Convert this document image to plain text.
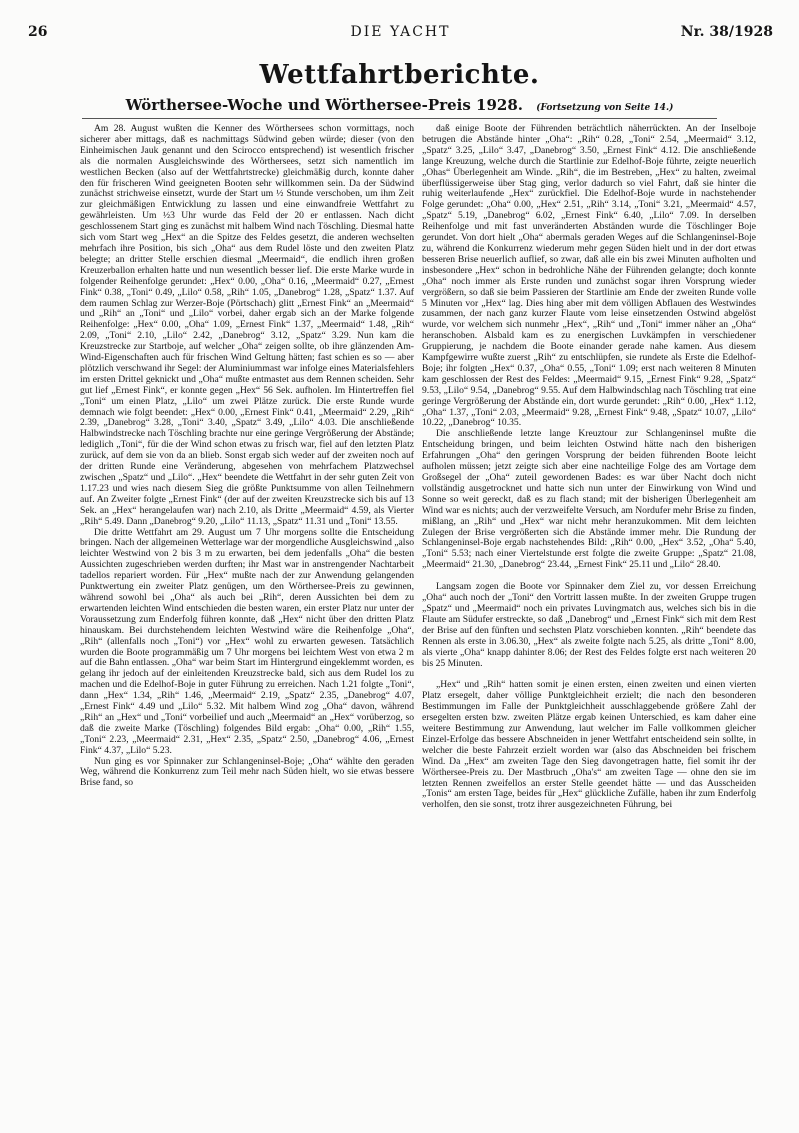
26	DIE YACHT	Nr. 38/1928
Wettfahrtberichte.
Wörthersee-Woche und Wörthersee-Preis 1928. (Fortsetzung von Seite 14.)

Am 28. August wußten die Kenner des Wörthersees schon vormittags, noch sicherer aber mittags, daß es nachmittags Südwind geben würde; dieser (von den Einheimischen Jauk genannt und den Scirocco entsprechend) ist wesentlich frischer als die normalen Ausgleichswinde des Wörthersees, setzt sich namentlich im westlichen Becken (also auf der Wettfahrtstrecke) gleichmäßig durch, konnte daher den für frischeren Wind geeigneten Booten sehr willkommen sein. Da der Südwind zunächst strichweise einsetzt, wurde der Start um ½ Stunde verschoben, um ihm Zeit zur gleichmäßigen Entwicklung zu lassen und eine einwandfreie Wettfahrt zu gewährleisten. Um ½3 Uhr wurde das Feld der 20 er entlassen. Nach dicht geschlossenem Start ging es zunächst mit halbem Wind nach Töschling. Diesmal hatte sich vom Start weg „Hex“ an die Spitze des Feldes gesetzt, die anderen wechselten mehrfach ihre Position, bis sich „Oha“ aus dem Rudel löste und den zweiten Platz belegte; an dritter Stelle erschien diesmal „Meermaid“, die endlich ihren großen Kreuzerballon erhalten hatte und nun wesentlich besser lief. Die erste Marke wurde in folgender Reihenfolge gerundet: „Hex“ 0.00, „Oha“ 0.16, „Meermaid“ 0.27, „Ernest Fink“ 0.38, „Toni“ 0.49, „Lilo“ 0.58, „Rih“ 1.05, „Danebrog“ 1.28, „Spatz“ 1.37. Auf dem raumen Schlag zur Werzer-Boje (Pörtschach) glitt „Ernest Fink“ an „Meermaid“ und „Rih“ an „Toni“ und „Lilo“ vorbei, daher ergab sich an der Marke folgende Reihenfolge: „Hex“ 0.00, „Oha“ 1.09, „Ernest Fink“ 1.37, „Meermaid“ 1.48, „Rih“ 2.09, „Toni“ 2.10, „Lilo“ 2.42, „Danebrog“ 3.12, „Spatz“ 3.29. Nun kam die Kreuzstrecke zur Startboje, auf welcher „Oha“ zeigen sollte, ob ihre glänzenden Am-Wind-Eigenschaften auch für frischen Wind Geltung hätten; fast schien es so — aber plötzlich verschwand ihr Segel: der Aluminiummast war infolge eines Materialsfehlers im ersten Drittel geknickt und „Oha“ mußte entmastet aus dem Rennen scheiden. Sehr gut lief „Ernest Fink“, er konnte gegen „Hex“ 56 Sek. aufholen. Im Hintertreffen fiel „Toni“ um einen Platz, „Lilo“ um zwei Plätze zurück. Die erste Runde wurde demnach wie folgt beendet: „Hex“ 0.00, „Ernest Fink“ 0.41, „Meermaid“ 2.29, „Rih“ 2.39, „Danebrog“ 3.28, „Toni“ 3.40, „Spatz“ 3.49, „Lilo“ 4.03. Die anschließende Halbwindstrecke nach Töschling brachte nur eine geringe Vergrößerung der Abstände; lediglich „Toni“, für die der Wind schon etwas zu frisch war, fiel auf den letzten Platz zurück, auf dem sie von da an blieb. Sonst ergab sich weder auf der zweiten noch auf der dritten Runde eine Veränderung, abgesehen von mehrfachem Platzwechsel zwischen „Spatz“ und „Lilo“. „Hex“ beendete die Wettfahrt in der sehr guten Zeit von 1.17.23 und wies nach diesem Sieg die größte Punktsumme von allen Teilnehmern auf. An Zweiter folgte „Ernest Fink“ (der auf der zweiten Kreuzstrecke sich bis auf 13 Sek. an „Hex“ herangelaufen war) nach 2.10, als Dritte „Meermaid“ 4.59, als Vierter „Rih“ 5.49. Dann „Danebrog“ 9.20, „Lilo“ 11.13, „Spatz“ 11.31 und „Toni“ 13.55.

Die dritte Wettfahrt am 29. August um 7 Uhr morgens sollte die Entscheidung bringen. Nach der allgemeinen Wetterlage war der morgendliche Ausgleichswind „also leichter Westwind von 2 bis 3 m zu erwarten, bei dem jedenfalls „Oha“ die besten Aussichten zugeschrieben werden durften; ihr Mast war in anstrengender Nachtarbeit tadellos repariert worden. Für „Hex“ mußte nach der zur Anwendung gelangenden Punktwertung ein zweiter Platz genügen, um den Wörthersee-Preis zu gewinnen, während sowohl bei „Oha“ als auch bei „Rih“, deren Aussichten bei dem zu erwartenden leichten Wind entschieden die besten waren, ein erster Platz nur unter der Voraussetzung zum Enderfolg führen konnte, daß „Hex“ nicht über den dritten Platz hinauskam. Bei durchstehendem leichten Westwind wäre die Reihenfolge „Oha“, „Rih“ (allenfalls noch „Toni“) vor „Hex“ wohl zu erwarten gewesen. Tatsächlich wurden die Boote programmäßig um 7 Uhr morgens bei leichtem West von etwa 2 m auf die Bahn entlassen. „Oha“ war beim Start im Hintergrund eingeklemmt worden, es gelang ihr jedoch auf der einleitenden Kreuzstrecke bald, sich aus dem Rudel los zu machen und die Edelhof-Boje in guter Führung zu erreichen. Nach 1.21 folgte „Toni“, dann „Hex“ 1.34, „Rih“ 1.46, „Meermaid“ 2.19, „Spatz“ 2.35, „Danebrog“ 4.07, „Ernest Fink“ 4.49 und „Lilo“ 5.32. Mit halbem Wind zog „Oha“ davon, während „Rih“ an „Hex“ und „Toni“ vorbeilief und auch „Meermaid“ an „Hex“ vorüberzog, so daß die zweite Marke (Töschling) folgendes Bild ergab: „Oha“ 0.00, „Rih“ 1.55, „Toni“ 2.23, „Meermaid“ 2.31, „Hex“ 2.35, „Spatz“ 2.50, „Danebrog“ 4.06, „Ernest Fink“ 4.37, „Lilo“ 5.23.

Nun ging es vor Spinnaker zur Schlangeninsel-Boje; „Oha“ wählte den geraden Weg, während die Konkurrenz zum Teil mehr nach Süden hielt, wo sie etwas bessere Brise fand, so

daß einige Boote der Führenden beträchtlich näherrückten. An der Inselboje betrugen die Abstände hinter „Oha“: „Rih“ 0.28, „Toni“ 2.54, „Meermaid“ 3.12, „Spatz“ 3.25, „Lilo“ 3.47, „Danebrog“ 3.50, „Ernest Fink“ 4.12. Die anschließende lange Kreuzung, welche durch die Startlinie zur Edelhof-Boje führte, zeigte neuerlich „Ohas“ Überlegenheit am Winde. „Rih“, die im Bestreben, „Hex“ zu halten, zweimal überflüssigerweise über Stag ging, verlor dadurch so viel Fahrt, daß sie hinter die ruhig weiterlaufende „Hex“ zurückfiel. Die Edelhof-Boje wurde in nachstehender Folge gerundet: „Oha“ 0.00, „Hex“ 2.51, „Rih“ 3.14, „Toni“ 3.21, „Meermaid“ 4.57, „Spatz“ 5.19, „Danebrog“ 6.02, „Ernest Fink“ 6.40, „Lilo“ 7.09. In derselben Reihenfolge und mit fast unveränderten Abständen wurde die Töschlinger Boje gerundet. Von dort hielt „Oha“ abermals geraden Weges auf die Schlangeninsel-Boje zu, während die Konkurrenz wiederum mehr gegen Süden hielt und in der dort etwas besseren Brise neuerlich auflief, so zwar, daß alle ein bis zwei Minuten aufholten und insbesondere „Hex“ schon in bedrohliche Nähe der Führenden gelangte; doch konnte „Oha“ noch immer als Erste runden und zunächst sogar ihren Vorsprung wieder vergrößern, so daß sie beim Passieren der Startlinie am Ende der zweiten Runde volle 5 Minuten vor „Hex“ lag. Dies hing aber mit dem völligen Abflauen des Westwindes zusammen, der nach ganz kurzer Flaute vom leise einsetzenden Ostwind abgelöst wurde, vor welchem sich nunmehr „Hex“, „Rih“ und „Toni“ immer näher an „Oha“ heranschoben. Alsbald kam es zu energischen Luvkämpfen in verschiedener Gruppierung, je nachdem die Boote einander gerade nahe kamen. Aus diesem Kampfgewirre wußte zuerst „Rih“ zu entschlüpfen, sie rundete als Erste die Edelhof-Boje; ihr folgten „Hex“ 0.37, „Oha“ 0.55, „Toni“ 1.09; erst nach weiteren 8 Minuten kam geschlossen der Rest des Feldes: „Meermaid“ 9.15, „Ernest Fink“ 9.28, „Spatz“ 9.53, „Lilo“ 9.54, „Danebrog“ 9.55. Auf dem Halbwindschlag nach Töschling trat eine geringe Vergrößerung der Abstände ein, dort wurde gerundet: „Rih“ 0.00, „Hex“ 1.12, „Oha“ 1.37, „Toni“ 2.03, „Meermaid“ 9.28, „Ernest Fink“ 9.48, „Spatz“ 10.07, „Lilo“ 10.22, „Danebrog“ 10.35.

Die anschließende letzte lange Kreuztour zur Schlangeninsel mußte die Entscheidung bringen, und beim leichten Ostwind hätte nach den bisherigen Erfahrungen „Oha“ den geringen Vorsprung der beiden führenden Boote leicht aufholen müssen; jetzt zeigte sich aber eine nachteilige Folge des am Vortage dem Großsegel der „Oha“ zuteil gewordenen Bades: es war über Nacht doch nicht vollständig ausgetrocknet und hatte sich nun unter der Einwirkung von Wind und Sonne so weit gereckt, daß es zu flach stand; mit der bisherigen Überlegenheit am Wind war es nichts; auch der verzweifelte Versuch, am Nordufer mehr Brise zu finden, mißlang, an „Rih“ und „Hex“ war nicht mehr heranzukommen. Mit dem leichten Zulegen der Brise vergrößerten sich die Abstände immer mehr. Die Rundung der Schlangeninsel-Boje ergab nachstehendes Bild: „Rih“ 0.00, „Hex“ 3.52, „Oha“ 5.40, „Toni“ 5.53; nach einer Viertelstunde erst folgte die zweite Gruppe: „Spatz“ 21.08, „Meermaid“ 21.30, „Danebrog“ 23.44, „Ernest Fink“ 25.11 und „Lilo“ 28.40.

Langsam zogen die Boote vor Spinnaker dem Ziel zu, vor dessen Erreichung „Oha“ auch noch der „Toni“ den Vortritt lassen mußte. In der zweiten Gruppe trugen „Spatz“ und „Meermaid“ noch ein privates Luvingmatch aus, welches sich bis in die Flaute am Südufer erstreckte, so daß „Danebrog“ und „Ernest Fink“ sich mit dem Rest der Brise auf den fünften und sechsten Platz vorschieben konnten. „Rih“ beendete das Rennen als erste in 3.06.30, „Hex“ als zweite folgte nach 5.25, als dritte „Toni“ 8.00, als vierte „Oha“ knapp dahinter 8.06; der Rest des Feldes folgte erst nach weiteren 20 bis 25 Minuten.

„Hex“ und „Rih“ hatten somit je einen ersten, einen zweiten und einen vierten Platz ersegelt, daher völlige Punktgleichheit erzielt; die nach den besonderen Bestimmungen im Falle der Punktgleichheit ausschlaggebende größere Zahl der ersegelten ersten bzw. zweiten Plätze ergab keinen Unterschied, es kam daher eine weitere Bestimmung zur Anwendung, laut welcher im Falle vollkommen gleicher Einzel-Erfolge das bessere Abschneiden in jener Wettfahrt entscheidend sein sollte, in welcher die beste Fahrzeit erzielt worden war (also das Abschneiden bei frischem Wind. Da „Hex“ am zweiten Tage den Sieg davongetragen hatte, fiel somit ihr der Wörthersee-Preis zu. Der Mastbruch „Oha's“ am zweiten Tage — ohne den sie im letzten Rennen zweifellos an erster Stelle geendet hätte — und das Ausscheiden „Tonis“ am ersten Tage, beides für „Hex“ glückliche Zufälle, haben ihr zum Enderfolg verholfen, den sie sonst, trotz ihrer ausgezeichneten Führung, bei
